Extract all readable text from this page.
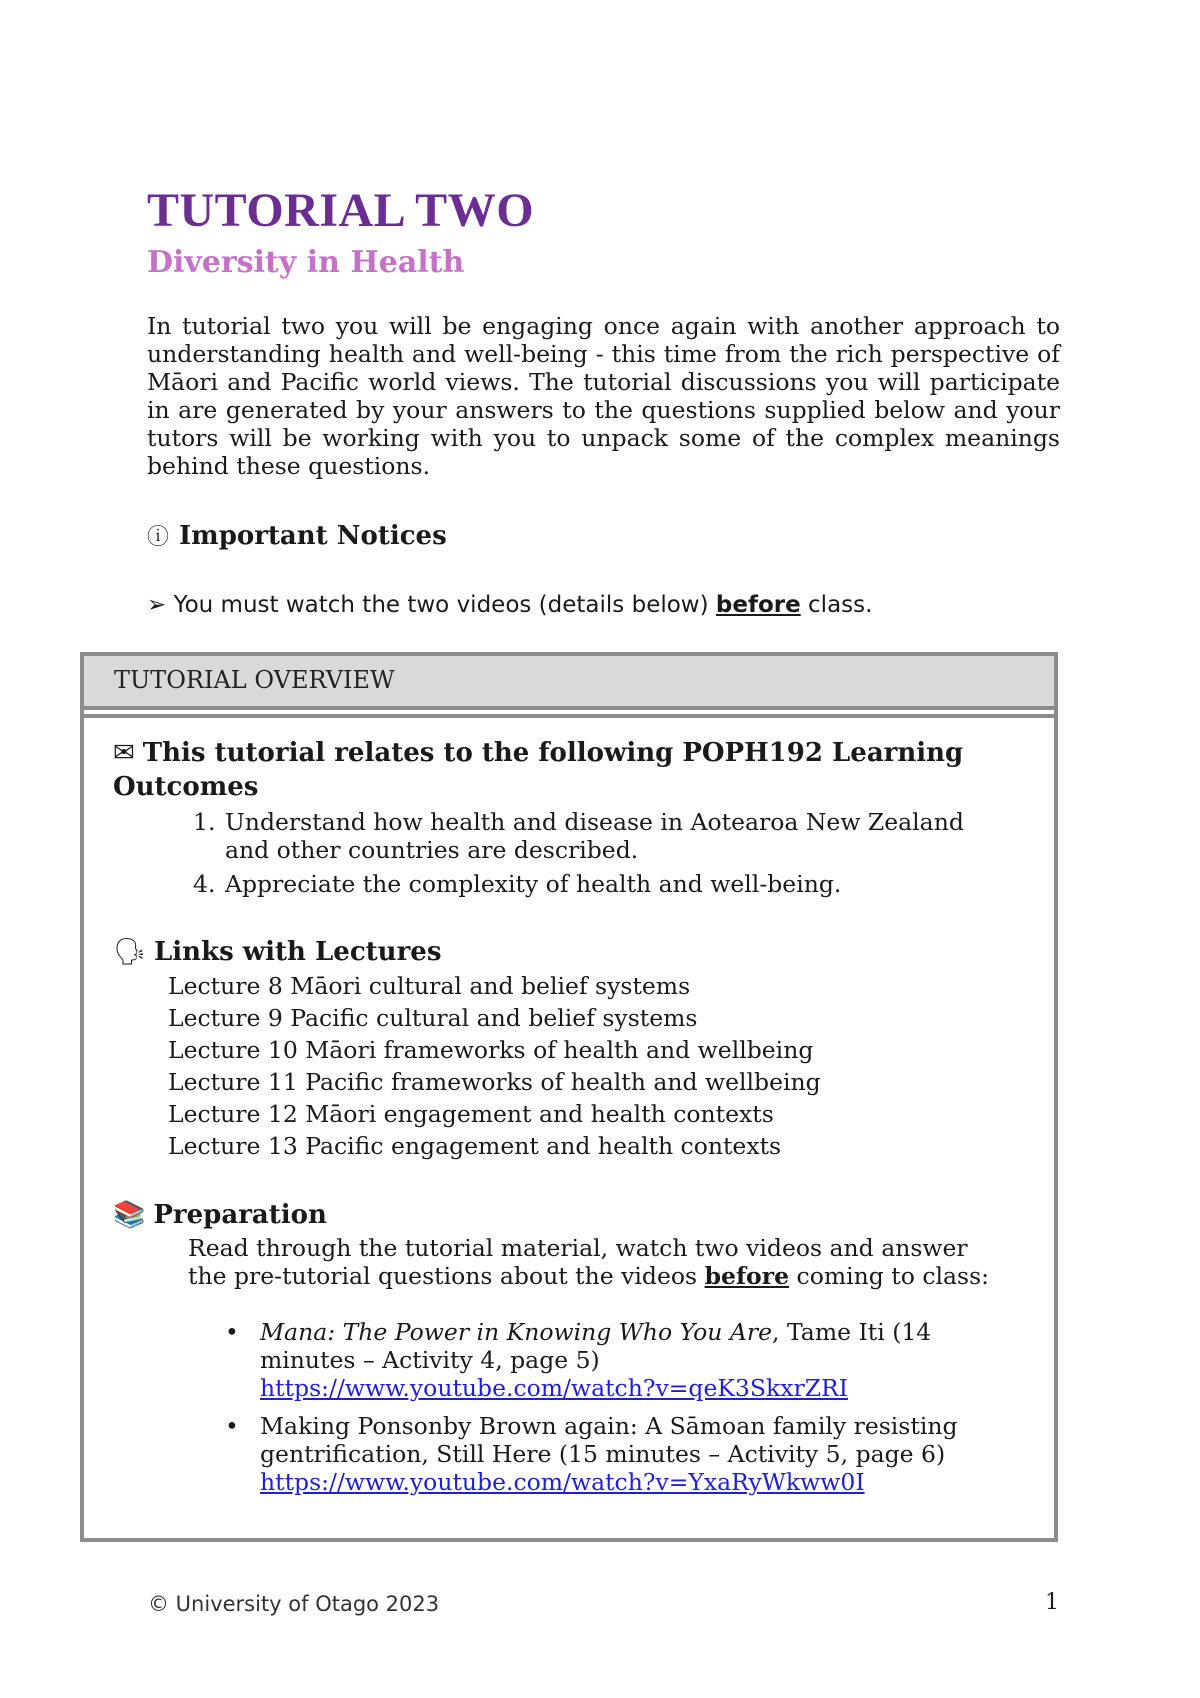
TUTORIAL TWO
Diversity in Health

In tutorial two you will be engaging once again with another approach to understanding health and well-being - this time from the rich perspective of Māori and Pacific world views. The tutorial discussions you will participate in are generated by your answers to the questions supplied below and your tutors will be working with you to unpack some of the complex meanings behind these questions.

ⓘ Important Notices
➢ You must watch the two videos (details below) before class.
TUTORIAL OVERVIEW
✉ This tutorial relates to the following POPH192 Learning Outcomes
1. Understand how health and disease in Aotearoa New Zealand
and other countries are described.
4. Appreciate the complexity of health and well-being.
🗣 Links with Lectures
Lecture 8 Māori cultural and belief systems
Lecture 9 Pacific cultural and belief systems
Lecture 10 Māori frameworks of health and wellbeing
Lecture 11 Pacific frameworks of health and wellbeing
Lecture 12 Māori engagement and health contexts
Lecture 13 Pacific engagement and health contexts
📚 Preparation
Read through the tutorial material, watch two videos and answer
the pre-tutorial questions about the videos before coming to class:
• Mana: The Power in Knowing Who You Are, Tame Iti (14 minutes – Activity 4, page 5)
https://www.youtube.com/watch?v=qeK3SkxrZRI
• Making Ponsonby Brown again: A Sāmoan family resisting gentrification, Still Here (15 minutes – Activity 5, page 6)
https://www.youtube.com/watch?v=YxaRyWkww0I
© University of Otago 2023	1
